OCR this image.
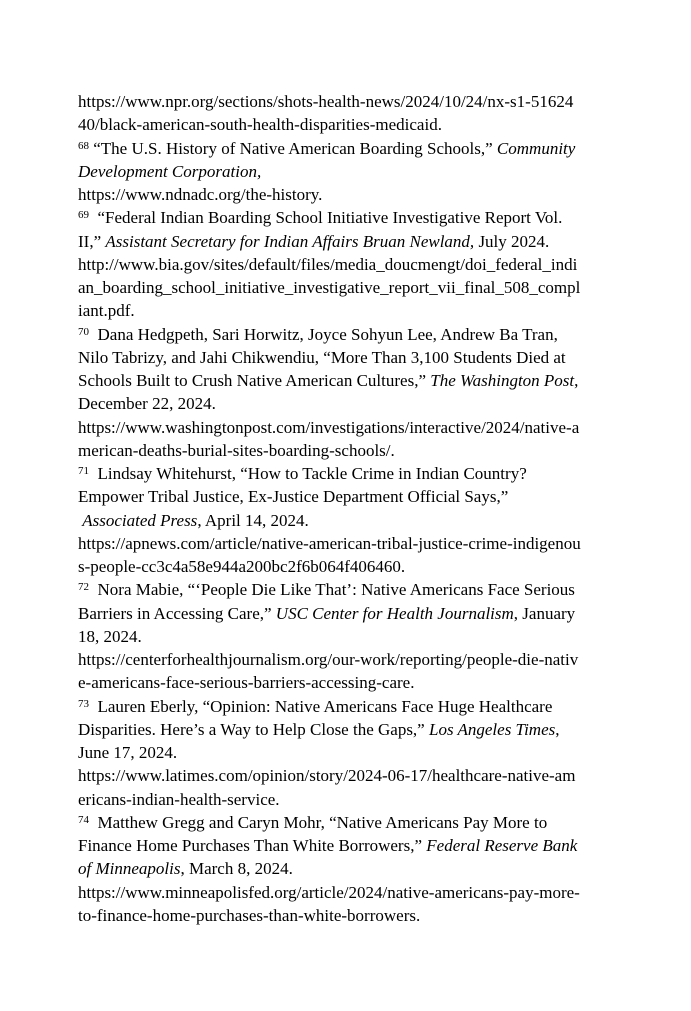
https://www.npr.org/sections/shots-health-news/2024/10/24/nx-s1-51624
40/black-american-south-health-disparities-medicaid.
$^{68}$ “The U.S. History of Native American Boarding Schools,” Community
Development Corporation,
https://www.ndnadc.org/the-history.
$^{69}$  “Federal Indian Boarding School Initiative Investigative Report Vol.
II,” Assistant Secretary for Indian Affairs Bruan Newland, July 2024.
http://www.bia.gov/sites/default/files/media_doucmengt/doi_federal_indi
an_boarding_school_initiative_investigative_report_vii_final_508_compl
iant.pdf.
$^{70}$  Dana Hedgpeth, Sari Horwitz, Joyce Sohyun Lee, Andrew Ba Tran,
Nilo Tabrizy, and Jahi Chikwendiu, “More Than 3,100 Students Died at
Schools Built to Crush Native American Cultures,” The Washington Post,
December 22, 2024.
https://www.washingtonpost.com/investigations/interactive/2024/native-a
merican-deaths-burial-sites-boarding-schools/.
$^{71}$  Lindsay Whitehurst, “How to Tackle Crime in Indian Country?
Empower Tribal Justice, Ex-Justice Department Official Says,”
Associated Press, April 14, 2024.
https://apnews.com/article/native-american-tribal-justice-crime-indigenou
s-people-cc3c4a58e944a200bc2f6b064f406460.
$^{72}$  Nora Mabie, “‘People Die Like That’: Native Americans Face Serious
Barriers in Accessing Care,” USC Center for Health Journalism, January
18, 2024.
https://centerforhealthjournalism.org/our-work/reporting/people-die-nativ
e-americans-face-serious-barriers-accessing-care.
$^{73}$  Lauren Eberly, “Opinion: Native Americans Face Huge Healthcare
Disparities. Here’s a Way to Help Close the Gaps,” Los Angeles Times,
June 17, 2024.
https://www.latimes.com/opinion/story/2024-06-17/healthcare-native-am
ericans-indian-health-service.
$^{74}$  Matthew Gregg and Caryn Mohr, “Native Americans Pay More to
Finance Home Purchases Than White Borrowers,” Federal Reserve Bank
of Minneapolis, March 8, 2024.
https://www.minneapolisfed.org/article/2024/native-americans-pay-more-
to-finance-home-purchases-than-white-borrowers.
